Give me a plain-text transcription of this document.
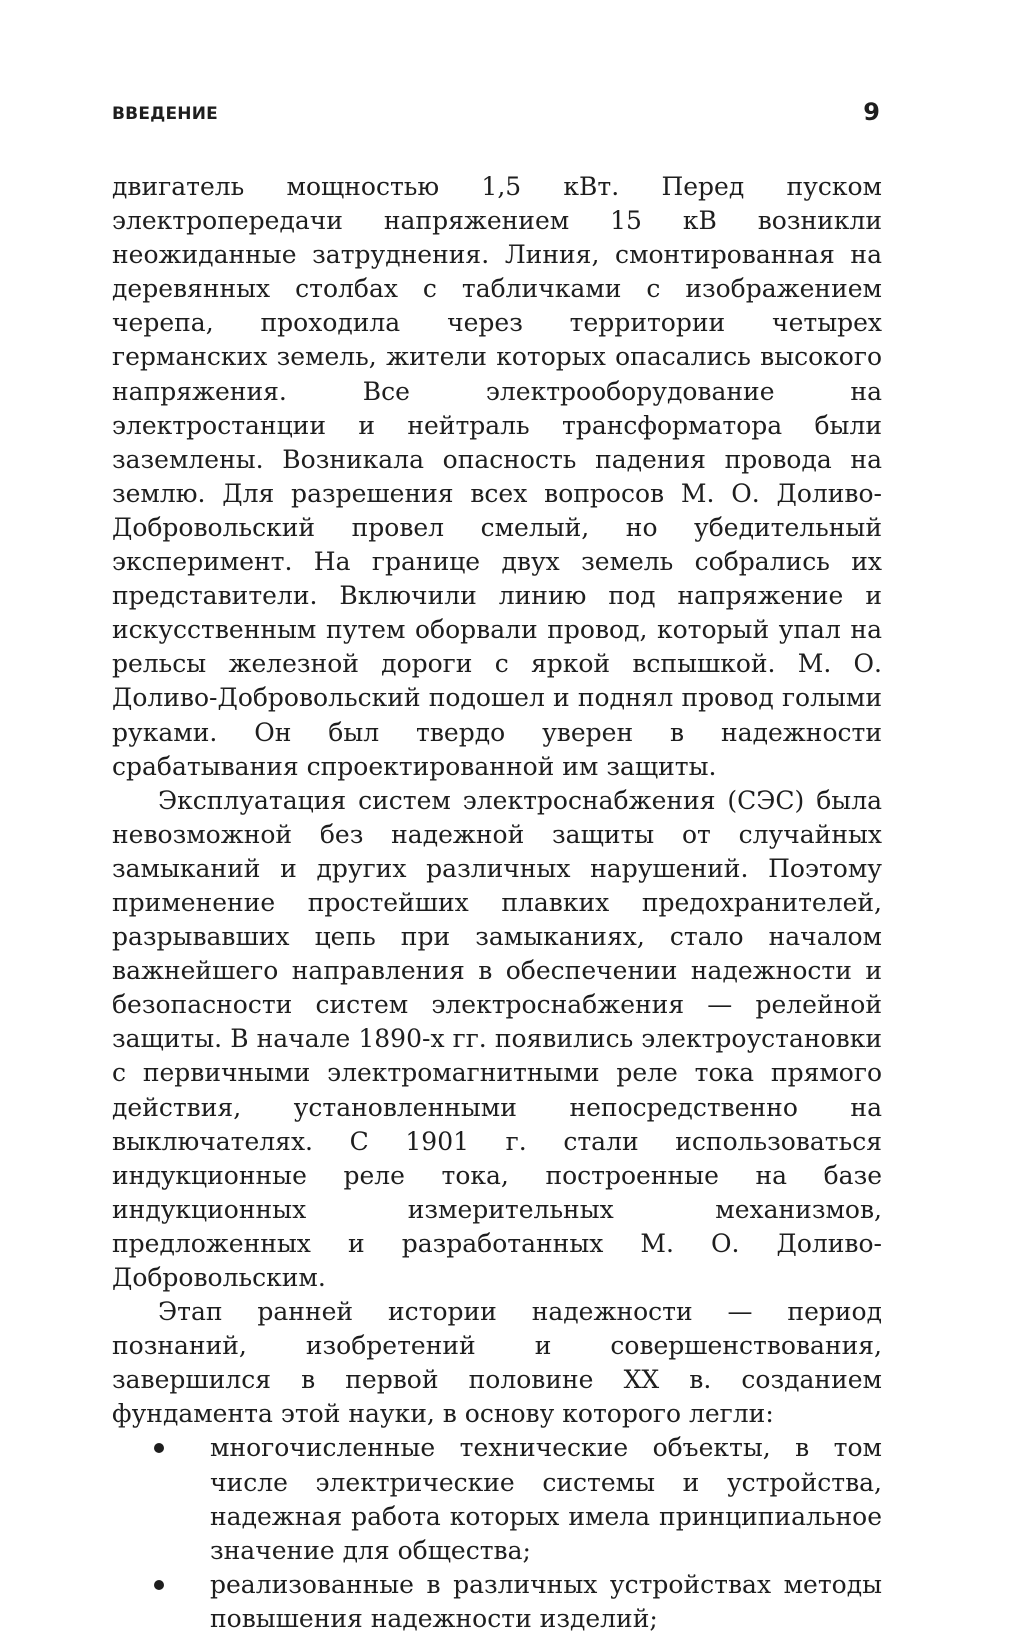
ВВЕДЕНИЕ	9

двигатель мощностью 1,5 кВт. Перед пуском электропередачи напряжением 15 кВ возникли неожиданные затруднения. Линия, смонтированная на деревянных столбах с табличками с изображением черепа, проходила через территории четырех германских земель, жители которых опасались высокого напряжения. Все электрооборудование на электростанции и нейтраль трансформатора были заземлены. Возникала опасность падения провода на землю. Для разрешения всех вопросов М. О. Доливо-Добровольский провел смелый, но убедительный эксперимент. На границе двух земель собрались их представители. Включили линию под напряжение и искусственным путем оборвали провод, который упал на рельсы железной дороги с яркой вспышкой. М. О. Доливо-Добровольский подошел и поднял провод голыми руками. Он был твердо уверен в надежности срабатывания спроектированной им защиты.

Эксплуатация систем электроснабжения (СЭС) была невозможной без надежной защиты от случайных замыканий и других различных нарушений. Поэтому применение простейших плавких предохранителей, разрывавших цепь при замыканиях, стало началом важнейшего направления в обеспечении надежности и безопасности систем электроснабжения — релейной защиты. В начале 1890-х гг. появились электроустановки с первичными электромагнитными реле тока прямого действия, установленными непосредственно на выключателях. С 1901 г. стали использоваться индукционные реле тока, построенные на базе индукционных измерительных механизмов, предложенных и разработанных М. О. Доливо-Добровольским.

Этап ранней истории надежности — период познаний, изобретений и совершенствования, завершился в первой половине XX в. созданием фундамента этой науки, в основу которого легли:

многочисленные технические объекты, в том числе электрические системы и устройства, надежная работа которых имела принципиальное значение для общества;
реализованные в различных устройствах методы повышения надежности изделий;
